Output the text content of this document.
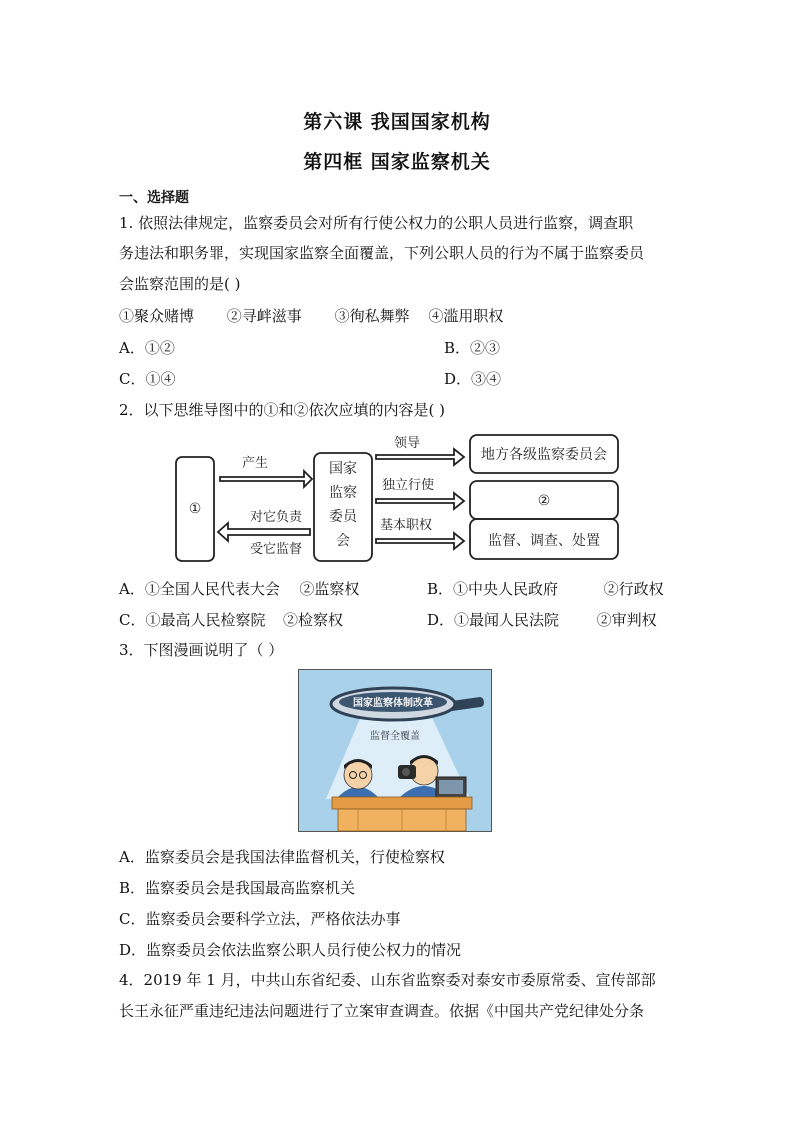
第六课 我国国家机构
第四框 国家监察机关
一、选择题
1. 依照法律规定，监察委员会对所有行使公权力的公职人员进行监察，调查职
务违法和职务罪，实现国家监察全面覆盖，下列公职人员的行为不属于监察委员
会监察范围的是( )
①聚众赌博 ②寻衅滋事 ③徇私舞弊 ④滥用职权
A．①②	B．②③
C．①④	D．③④
2．以下思维导图中的①和②依次应填的内容是( )
①
国家
监察
委员
会
产生
对它负责
受它监督
领导
独立行使
基本职权
地方各级监察委员会
②
监督、调查、处置
A．①全国人民代表大会 ②监察权	B．①中央人民政府	②行政权
C．①最高人民检察院 ②检察权	D．①最闻人民法院	②审判权
3．下图漫画说明了（ ）
国家监察体制改革
监督全覆盖
A．监察委员会是我国法律监督机关，行使检察权
B．监察委员会是我国最高监察机关
C．监察委员会要科学立法，严格依法办事
D．监察委员会依法监察公职人员行使公权力的情况
4．2019 年 1 月，中共山东省纪委、山东省监察委对泰安市委原常委、宣传部部
长王永征严重违纪违法问题进行了立案审查调查。依据《中国共产党纪律处分条
